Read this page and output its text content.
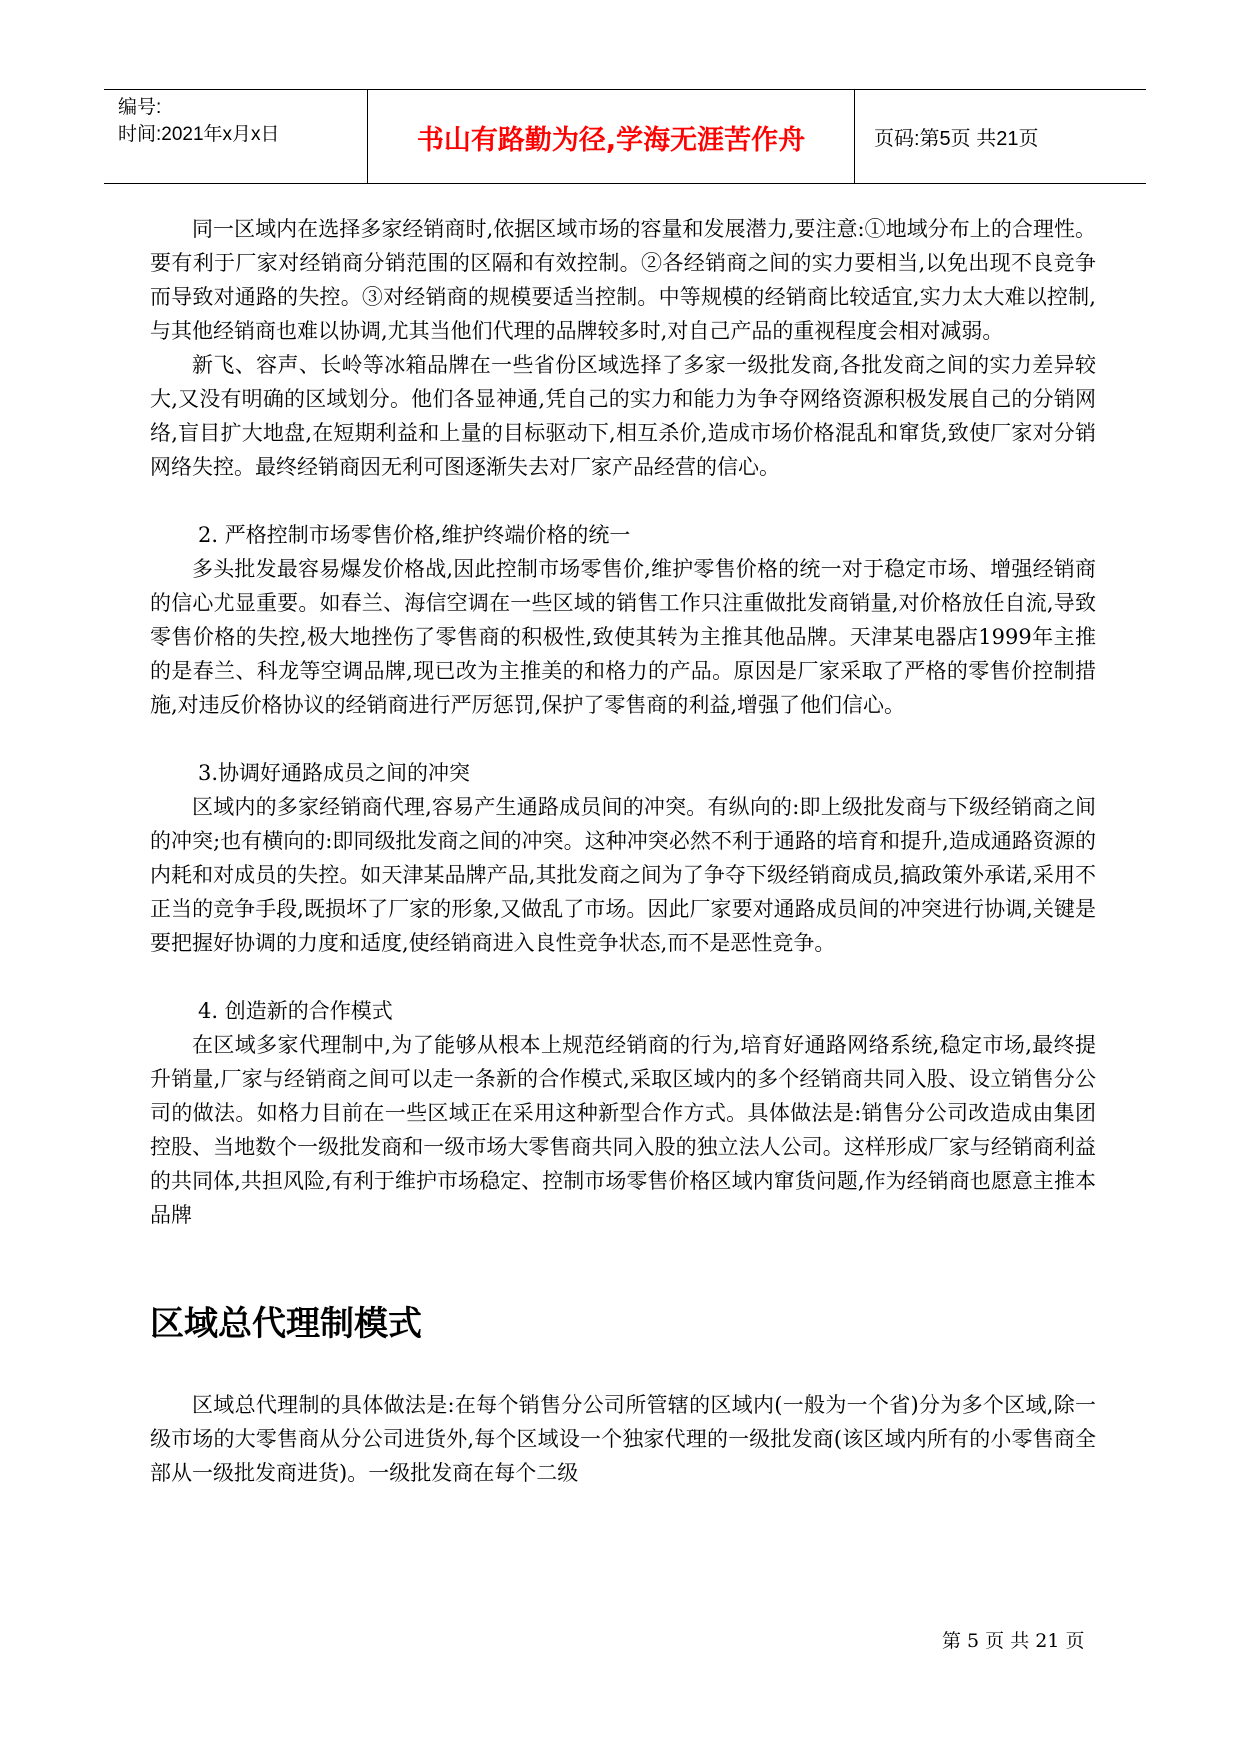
编号:
时间:2021年x月x日	书山有路勤为径,学海无涯苦作舟	页码:第5页 共21页

同一区域内在选择多家经销商时,依据区域市场的容量和发展潜力,要注意:①地域分布上的合理性。要有利于厂家对经销商分销范围的区隔和有效控制。②各经销商之间的实力要相当,以免出现不良竞争而导致对通路的失控。③对经销商的规模要适当控制。中等规模的经销商比较适宜,实力太大难以控制,与其他经销商也难以协调,尤其当他们代理的品牌较多时,对自己产品的重视程度会相对减弱。

新飞、容声、长岭等冰箱品牌在一些省份区域选择了多家一级批发商,各批发商之间的实力差异较大,又没有明确的区域划分。他们各显神通,凭自己的实力和能力为争夺网络资源积极发展自己的分销网络,盲目扩大地盘,在短期利益和上量的目标驱动下,相互杀价,造成市场价格混乱和窜货,致使厂家对分销网络失控。最终经销商因无利可图逐渐失去对厂家产品经营的信心。

2. 严格控制市场零售价格,维护终端价格的统一

多头批发最容易爆发价格战,因此控制市场零售价,维护零售价格的统一对于稳定市场、增强经销商的信心尤显重要。如春兰、海信空调在一些区域的销售工作只注重做批发商销量,对价格放任自流,导致零售价格的失控,极大地挫伤了零售商的积极性,致使其转为主推其他品牌。天津某电器店1999年主推的是春兰、科龙等空调品牌,现已改为主推美的和格力的产品。原因是厂家采取了严格的零售价控制措施,对违反价格协议的经销商进行严厉惩罚,保护了零售商的利益,增强了他们信心。

3.协调好通路成员之间的冲突

区域内的多家经销商代理,容易产生通路成员间的冲突。有纵向的:即上级批发商与下级经销商之间的冲突;也有横向的:即同级批发商之间的冲突。这种冲突必然不利于通路的培育和提升,造成通路资源的内耗和对成员的失控。如天津某品牌产品,其批发商之间为了争夺下级经销商成员,搞政策外承诺,采用不正当的竞争手段,既损坏了厂家的形象,又做乱了市场。因此厂家要对通路成员间的冲突进行协调,关键是要把握好协调的力度和适度,使经销商进入良性竞争状态,而不是恶性竞争。

4. 创造新的合作模式

在区域多家代理制中,为了能够从根本上规范经销商的行为,培育好通路网络系统,稳定市场,最终提升销量,厂家与经销商之间可以走一条新的合作模式,采取区域内的多个经销商共同入股、设立销售分公司的做法。如格力目前在一些区域正在采用这种新型合作方式。具体做法是:销售分公司改造成由集团控股、当地数个一级批发商和一级市场大零售商共同入股的独立法人公司。这样形成厂家与经销商利益的共同体,共担风险,有利于维护市场稳定、控制市场零售价格区域内窜货问题,作为经销商也愿意主推本品牌

区域总代理制模式

区域总代理制的具体做法是:在每个销售分公司所管辖的区域内(一般为一个省)分为多个区域,除一级市场的大零售商从分公司进货外,每个区域设一个独家代理的一级批发商(该区域内所有的小零售商全部从一级批发商进货)。一级批发商在每个二级

第 5 页 共 21 页
